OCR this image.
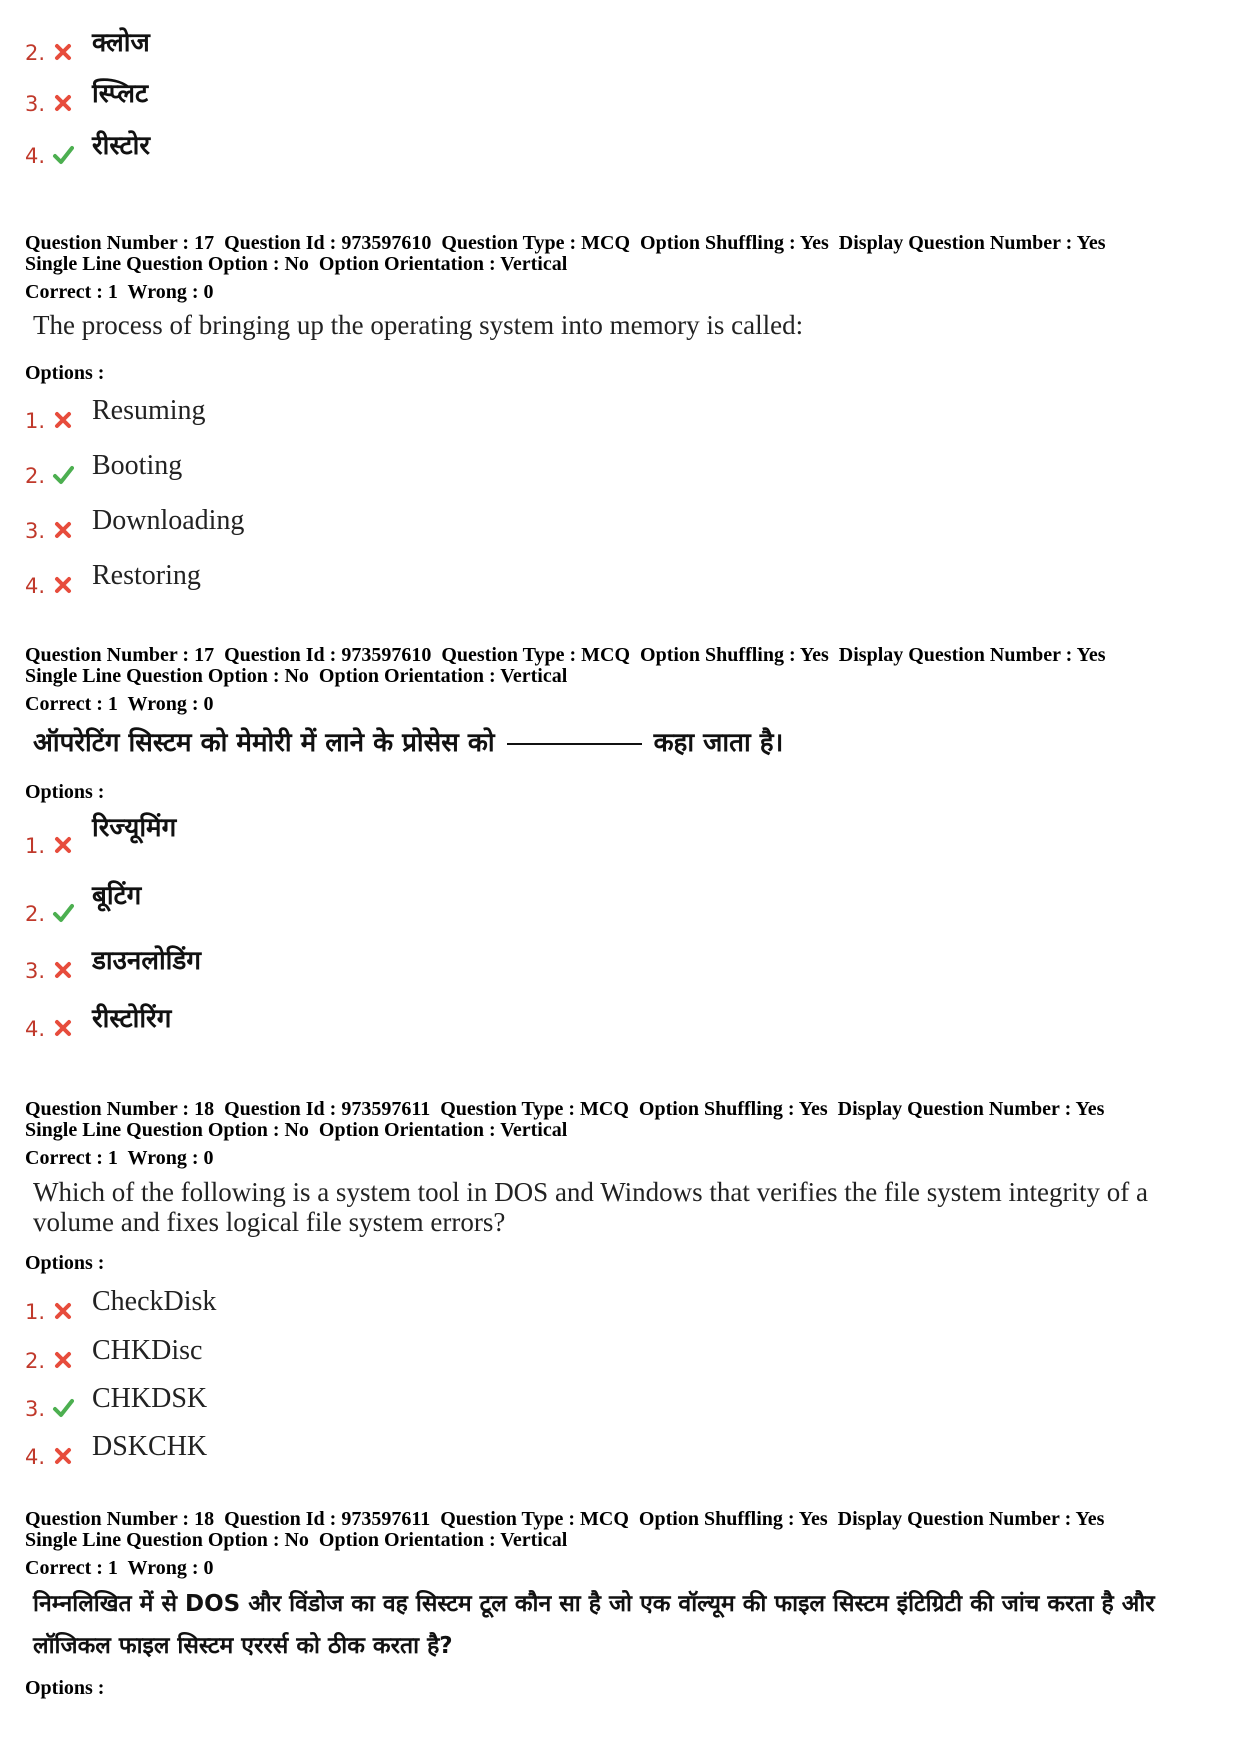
2. क्लोज
3. स्प्लिट
4. रीस्टोर
Question Number : 17  Question Id : 973597610  Question Type : MCQ  Option Shuffling : Yes  Display Question Number : Yes
Single Line Question Option : No  Option Orientation : Vertical
Correct : 1  Wrong : 0
The process of bringing up the operating system into memory is called:
Options :
1. Resuming
2. Booting
3. Downloading
4. Restoring
Question Number : 17  Question Id : 973597610  Question Type : MCQ  Option Shuffling : Yes  Display Question Number : Yes
Single Line Question Option : No  Option Orientation : Vertical
Correct : 1  Wrong : 0
ऑपरेटिंग सिस्टम को मेमोरी में लाने के प्रोसेस को	कहा जाता है।
Options :
1.
रिज्यूमिंग
2.
बूटिंग
3. डाउनलोडिंग
4. रीस्टोरिंग
Question Number : 18  Question Id : 973597611  Question Type : MCQ  Option Shuffling : Yes  Display Question Number : Yes
Single Line Question Option : No  Option Orientation : Vertical
Correct : 1  Wrong : 0
Which of the following is a system tool in DOS and Windows that verifies the file system integrity of a volume and fixes logical file system errors?
Options :
1. CheckDisk
2. CHKDisc
3. CHKDSK
4. DSKCHK
Question Number : 18  Question Id : 973597611  Question Type : MCQ  Option Shuffling : Yes  Display Question Number : Yes
Single Line Question Option : No  Option Orientation : Vertical
Correct : 1  Wrong : 0
निम्नलिखित में से DOS और विंडोज का वह सिस्टम टूल कौन सा है जो एक वॉल्यूम की फाइल सिस्टम इंटिग्रिटी की जांच करता है और लॉजिकल फाइल सिस्टम एररर्स को ठीक करता है?
Options :
